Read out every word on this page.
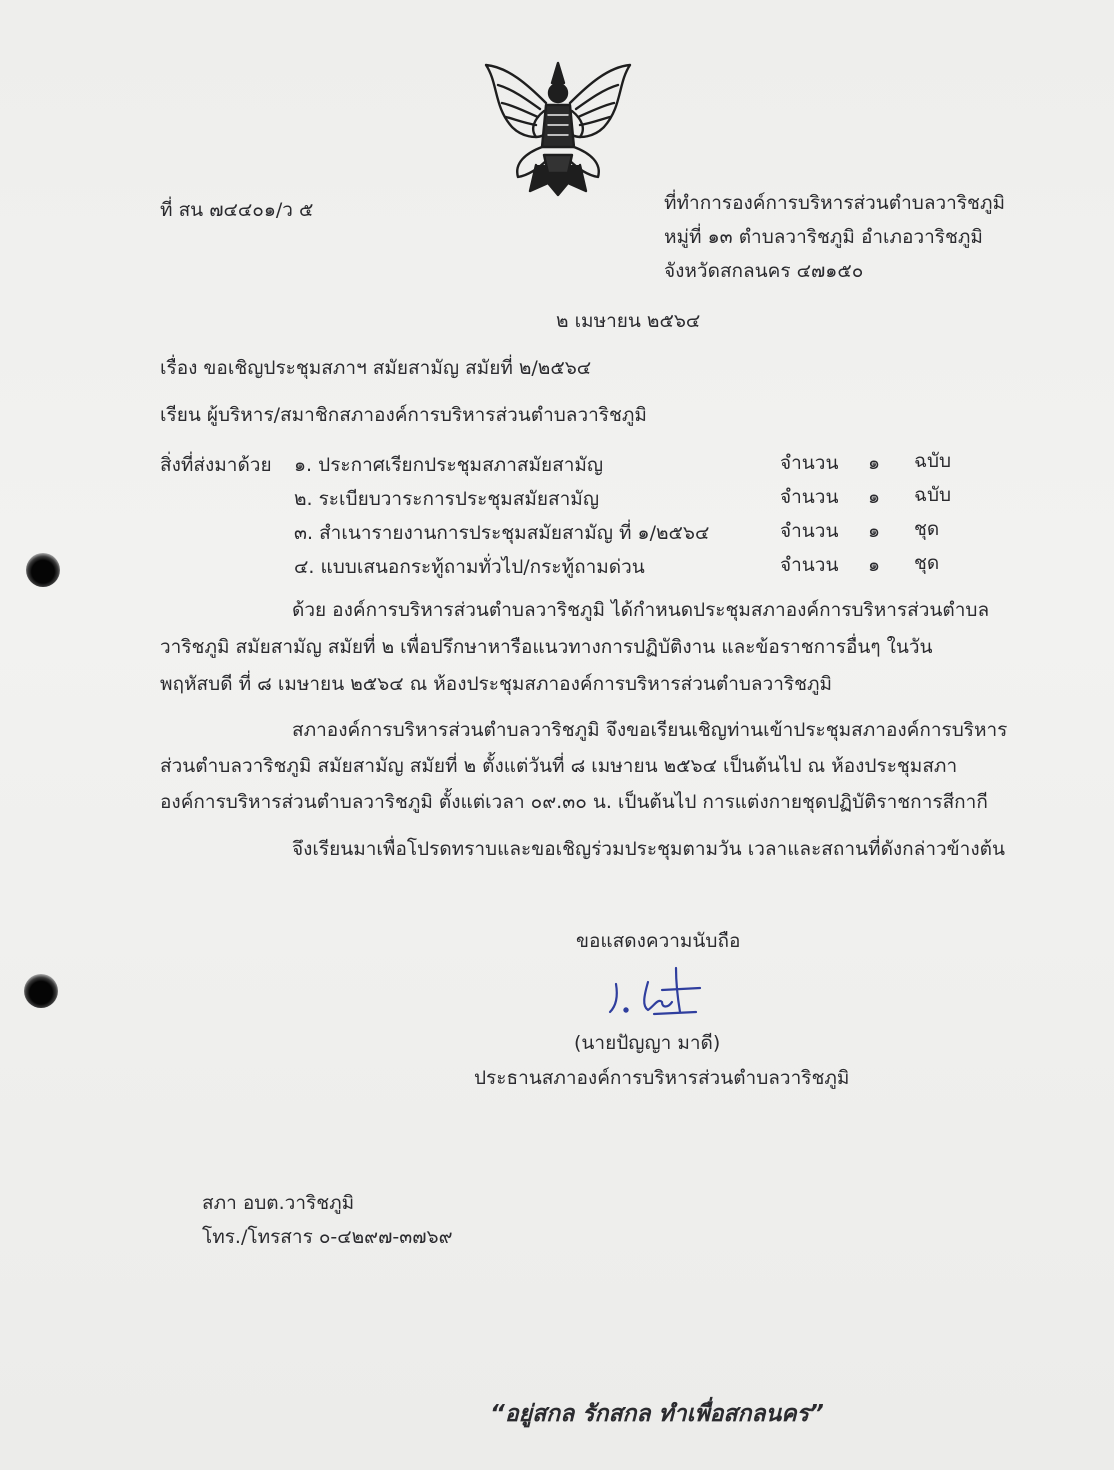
ที่ สน ๗๔๔๐๑/ว ๕	ที่ทำการองค์การบริหารส่วนตำบลวาริชภูมิ
หมู่ที่ ๑๓ ตำบลวาริชภูมิ อำเภอวาริชภูมิ
จังหวัดสกลนคร ๔๗๑๕๐
๒ เมษายน ๒๕๖๔
เรื่อง ขอเชิญประชุมสภาฯ สมัยสามัญ สมัยที่ ๒/๒๕๖๔
เรียน ผู้บริหาร/สมาชิกสภาองค์การบริหารส่วนตำบลวาริชภูมิ
สิ่งที่ส่งมาด้วย ๑. ประกาศเรียกประชุมสภาสมัยสามัญ	จำนวน ๑ ฉบับ
๒. ระเบียบวาระการประชุมสมัยสามัญ	จำนวน ๑ ฉบับ
๓. สำเนารายงานการประชุมสมัยสามัญ ที่ ๑/๒๕๖๔	จำนวน ๑ ชุด
๔. แบบเสนอกระทู้ถามทั่วไป/กระทู้ถามด่วน	จำนวน ๑ ชุด
ด้วย องค์การบริหารส่วนตำบลวาริชภูมิ ได้กำหนดประชุมสภาองค์การบริหารส่วนตำบล
วาริชภูมิ สมัยสามัญ สมัยที่ ๒ เพื่อปรึกษาหารือแนวทางการปฏิบัติงาน และข้อราชการอื่นๆ ในวัน
พฤหัสบดี ที่ ๘ เมษายน ๒๕๖๔ ณ ห้องประชุมสภาองค์การบริหารส่วนตำบลวาริชภูมิ
สภาองค์การบริหารส่วนตำบลวาริชภูมิ จึงขอเรียนเชิญท่านเข้าประชุมสภาองค์การบริหาร
ส่วนตำบลวาริชภูมิ สมัยสามัญ สมัยที่ ๒ ตั้งแต่วันที่ ๘ เมษายน ๒๕๖๔ เป็นต้นไป ณ ห้องประชุมสภา
องค์การบริหารส่วนตำบลวาริชภูมิ ตั้งแต่เวลา ๐๙.๓๐ น. เป็นต้นไป การแต่งกายชุดปฏิบัติราชการสีกากี
จึงเรียนมาเพื่อโปรดทราบและขอเชิญร่วมประชุมตามวัน เวลาและสถานที่ดังกล่าวข้างต้น
ขอแสดงความนับถือ
(นายปัญญา มาดี)
ประธานสภาองค์การบริหารส่วนตำบลวาริชภูมิ
สภา อบต.วาริชภูมิ
โทร./โทรสาร ๐-๔๒๙๗-๓๗๖๙
“อยู่สกล รักสกล ทำเพื่อสกลนคร”
